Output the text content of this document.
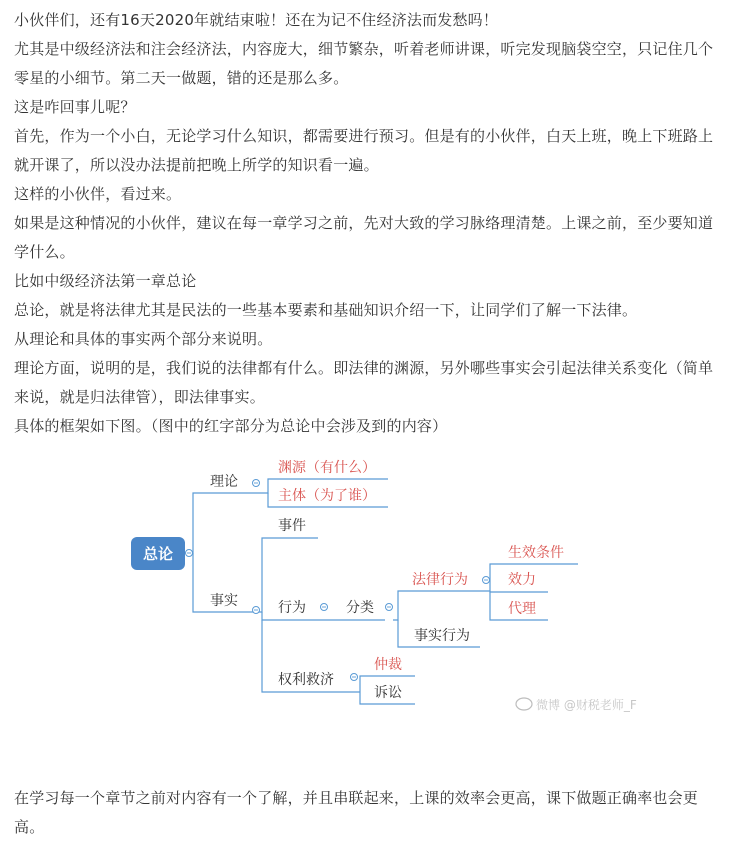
小伙伴们，还有16天2020年就结束啦！还在为记不住经济法而发愁吗！

尤其是中级经济法和注会经济法，内容庞大，细节繁杂，听着老师讲课，听完发现脑袋空空，只记住几个零星的小细节。第二天一做题，错的还是那么多。

这是咋回事儿呢？

首先，作为一个小白，无论学习什么知识，都需要进行预习。但是有的小伙伴，白天上班，晚上下班路上就开课了，所以没办法提前把晚上所学的知识看一遍。

这样的小伙伴，看过来。

如果是这种情况的小伙伴，建议在每一章学习之前，先对大致的学习脉络理清楚。上课之前，至少要知道学什么。

比如中级经济法第一章总论

总论，就是将法律尤其是民法的一些基本要素和基础知识介绍一下，让同学们了解一下法律。

从理论和具体的事实两个部分来说明。

理论方面，说明的是，我们说的法律都有什么。即法律的渊源，另外哪些事实会引起法律关系变化（简单来说，就是归法律管），即法律事实。

具体的框架如下图。（图中的红字部分为总论中会涉及到的内容）

总论
理论
事实
事件
行为	分类
事实行为
权利救济
诉讼
渊源（有什么）
主体（为了谁）
法律行为
生效条件
效力
代理
仲裁
微博 @财税老师_F

在学习每一个章节之前对内容有一个了解，并且串联起来，上课的效率会更高，课下做题正确率也会更高。
